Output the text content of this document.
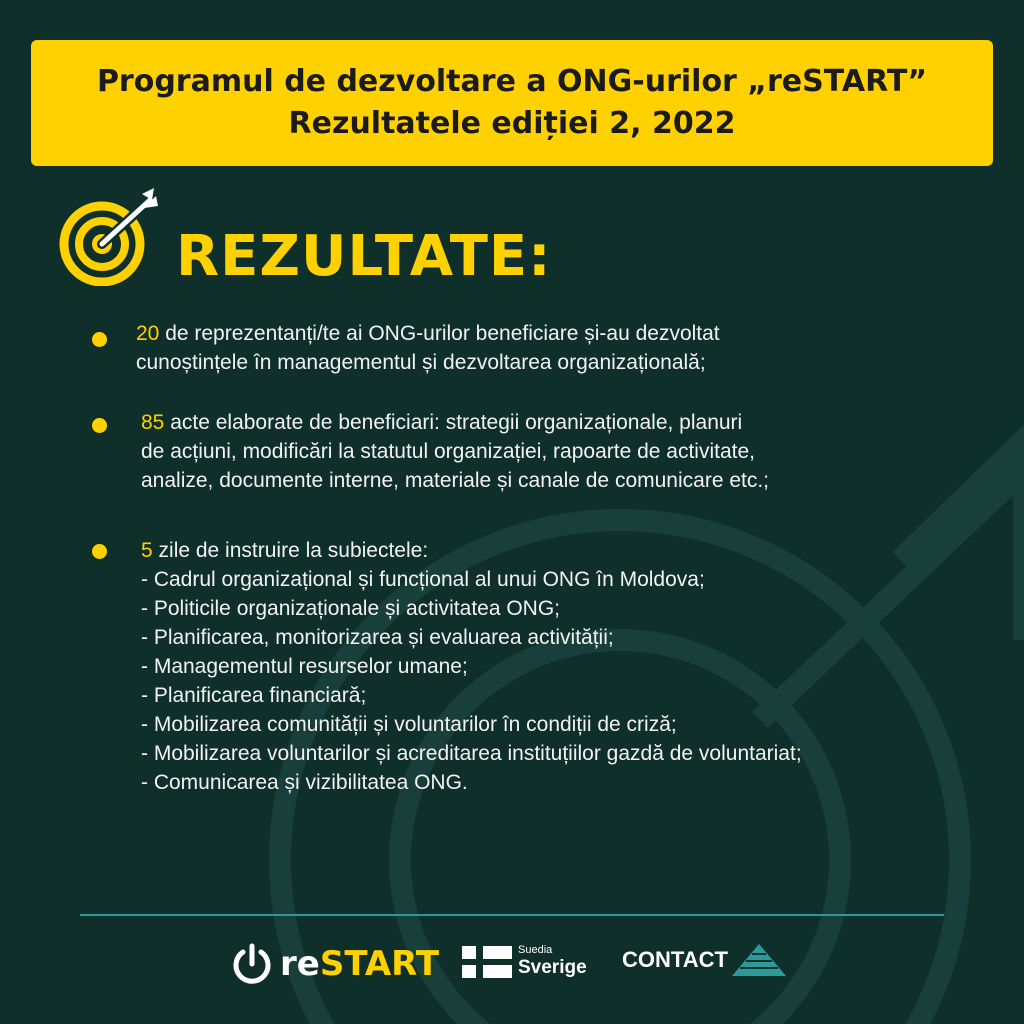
Programul de dezvoltare a ONG-urilor „reSTART”
Rezultatele ediției 2, 2022
REZULTATE:
20 de reprezentanți/te ai ONG-urilor beneficiare și-au dezvoltat
cunoștințele în managementul și dezvoltarea organizațională;
85 acte elaborate de beneficiari: strategii organizaționale, planuri
de acțiuni, modificări la statutul organizației, rapoarte de activitate,
analize, documente interne, materiale și canale de comunicare etc.;
5 zile de instruire la subiectele:
- Cadrul organizațional și funcțional al unui ONG în Moldova;
- Politicile organizaționale și activitatea ONG;
- Planificarea, monitorizarea și evaluarea activității;
- Managementul resurselor umane;
- Planificarea financiară;
- Mobilizarea comunității și voluntarilor în condiții de criză;
- Mobilizarea voluntarilor și acreditarea instituțiilor gazdă de voluntariat;
- Comunicarea și vizibilitatea ONG.
reSTART	Suedia
Sverige CONTACT
